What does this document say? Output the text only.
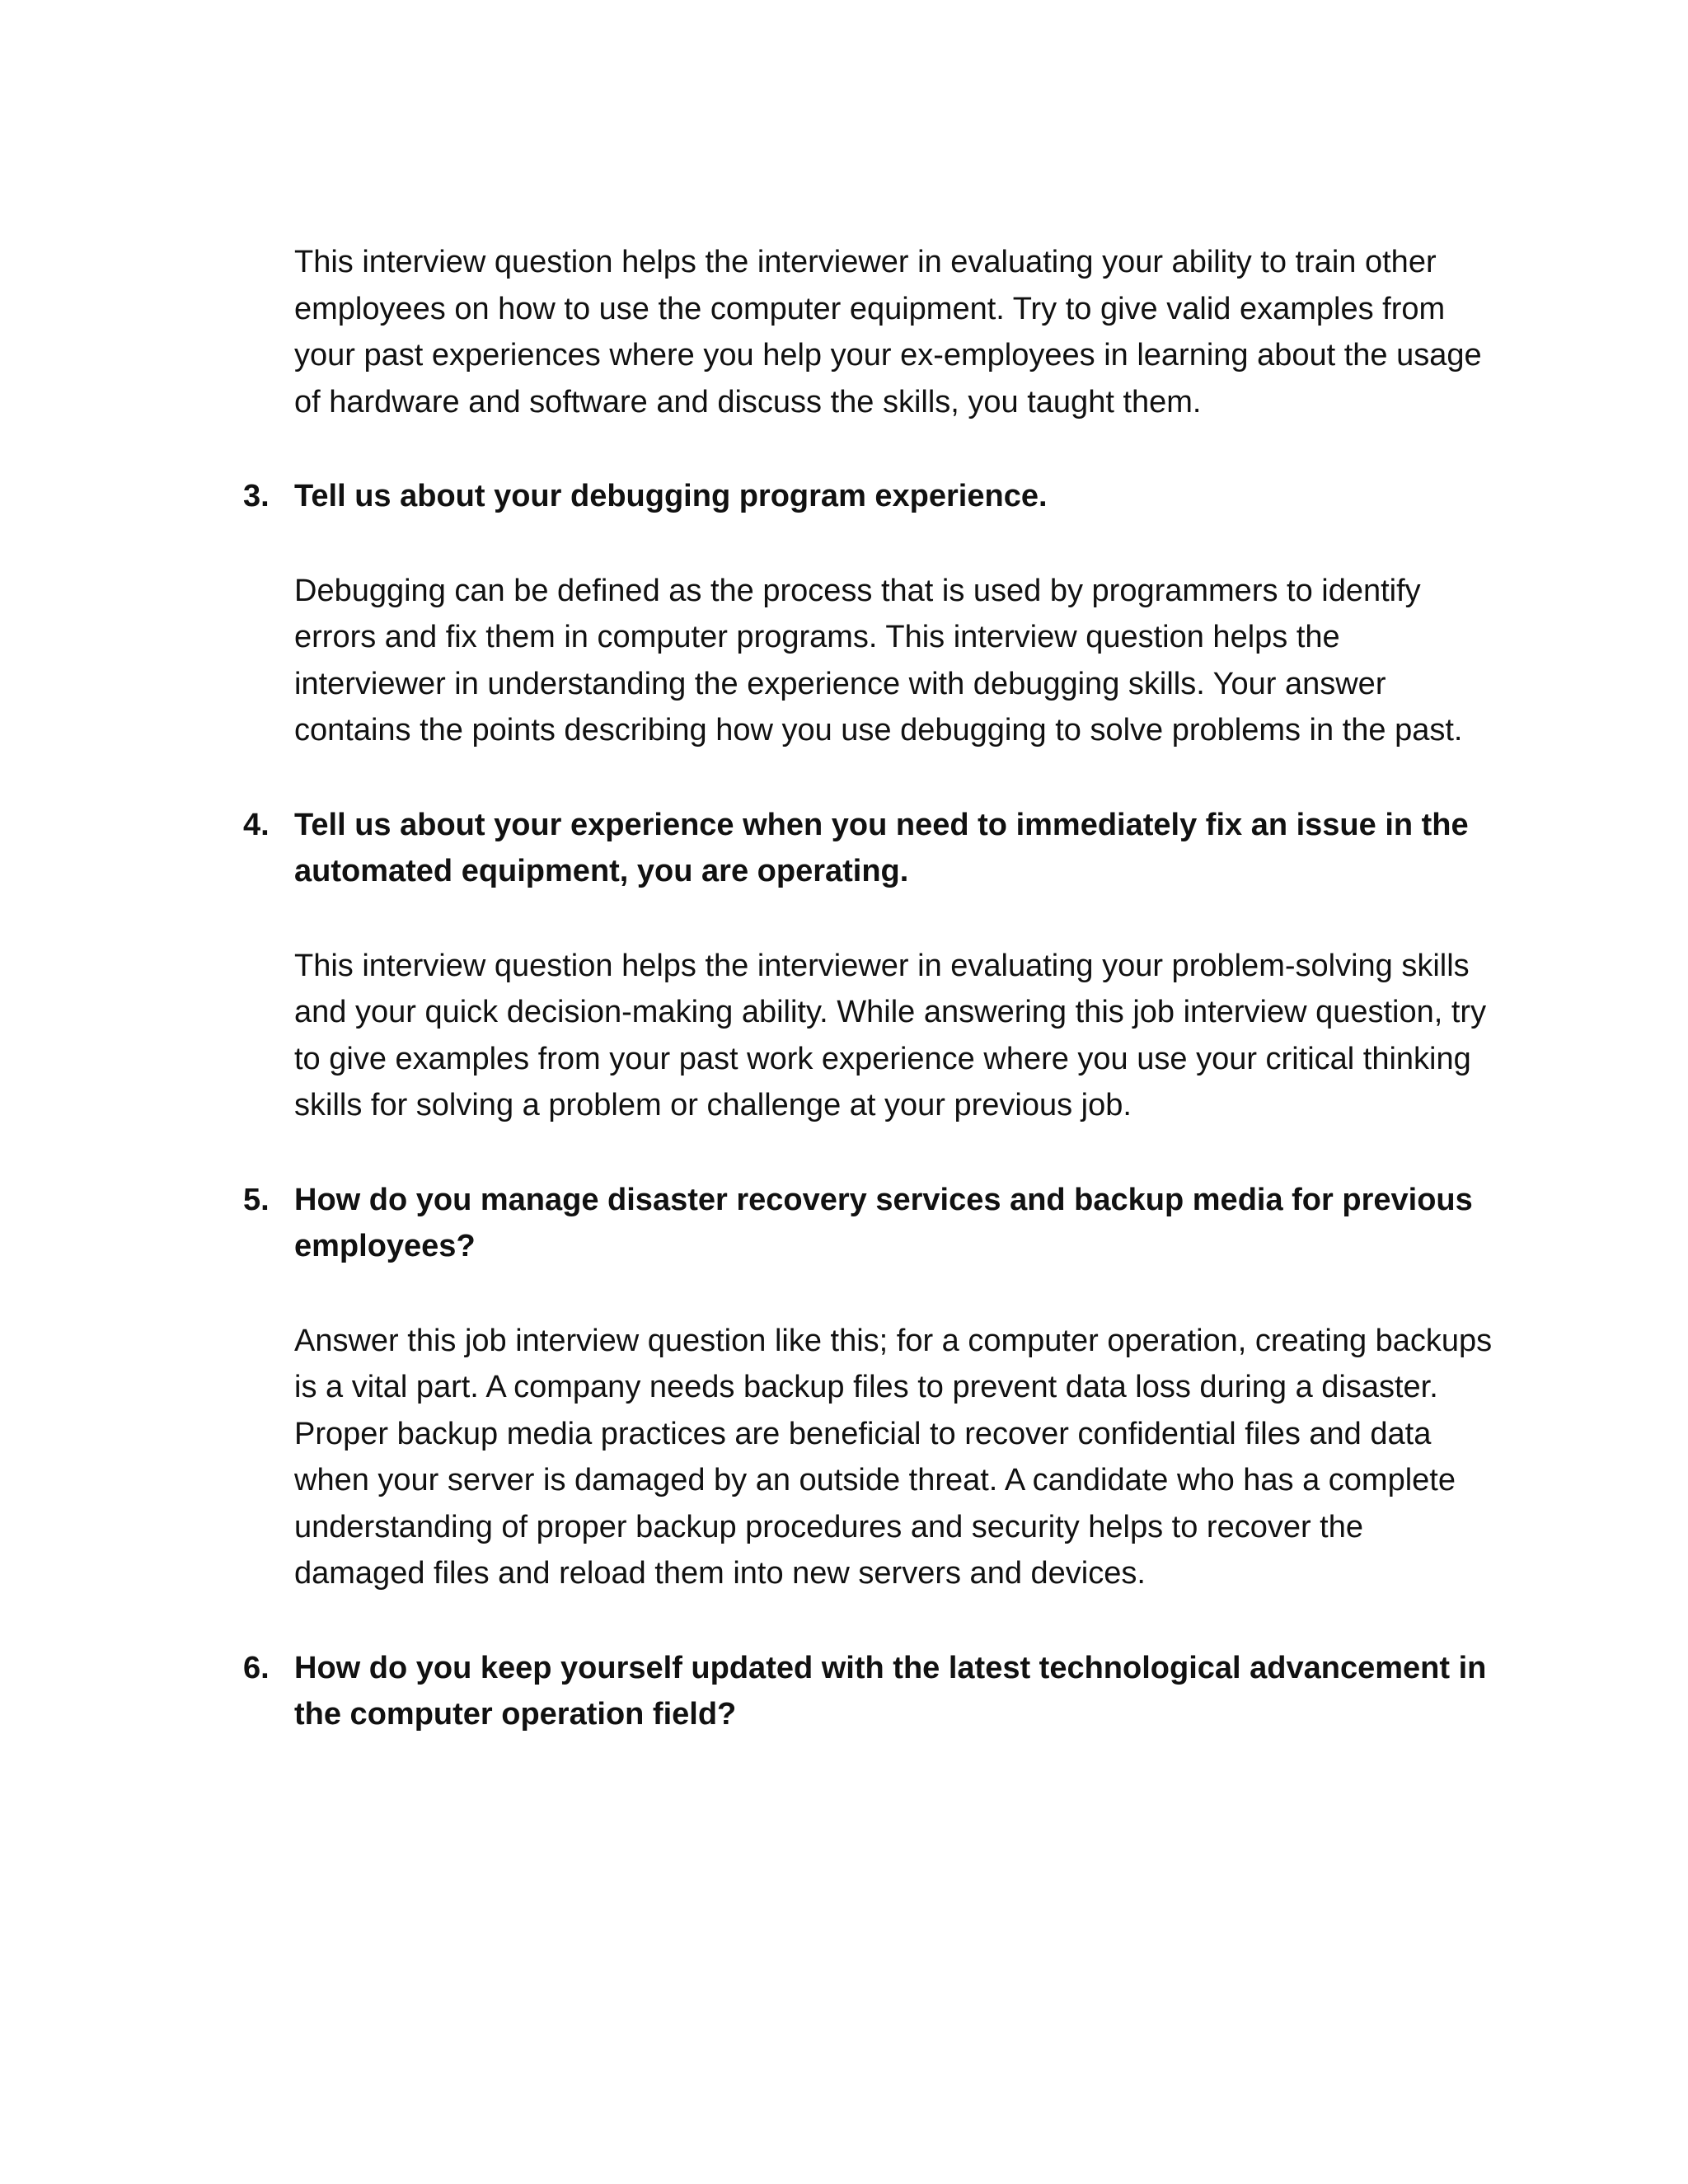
This interview question helps the interviewer in evaluating your ability to train other employees on how to use the computer equipment. Try to give valid examples from your past experiences where you help your ex-employees in learning about the usage of hardware and software and discuss the skills, you taught them.

3. Tell us about your debugging program experience.

Debugging can be defined as the process that is used by programmers to identify errors and fix them in computer programs. This interview question helps the interviewer in understanding the experience with debugging skills. Your answer contains the points describing how you use debugging to solve problems in the past.

4. Tell us about your experience when you need to immediately fix an issue in the automated equipment, you are operating.

This interview question helps the interviewer in evaluating your problem-solving skills and your quick decision-making ability. While answering this job interview question, try to give examples from your past work experience where you use your critical thinking skills for solving a problem or challenge at your previous job.

5. How do you manage disaster recovery services and backup media for previous employees?

Answer this job interview question like this; for a computer operation, creating backups is a vital part. A company needs backup files to prevent data loss during a disaster. Proper backup media practices are beneficial to recover confidential files and data when your server is damaged by an outside threat. A candidate who has a complete understanding of proper backup procedures and security helps to recover the damaged files and reload them into new servers and devices.

6. How do you keep yourself updated with the latest technological advancement in the computer operation field?
